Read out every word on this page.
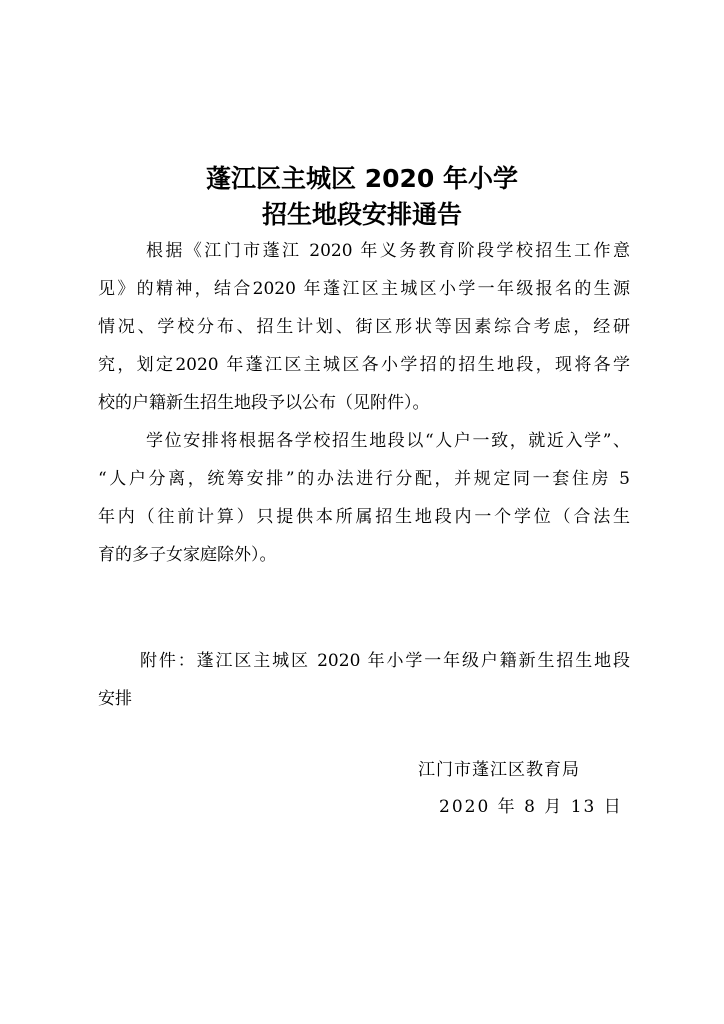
蓬江区主城区 2020 年小学
招生地段安排通告
根据《江门市蓬江 2020 年义务教育阶段学校招生工作意
见》的精神，结合2020 年蓬江区主城区小学一年级报名的生源
情况、学校分布、招生计划、街区形状等因素综合考虑，经研
究，划定2020 年蓬江区主城区各小学招的招生地段，现将各学
校的户籍新生招生地段予以公布（见附件）。
学位安排将根据各学校招生地段以“人户一致，就近入学”、
“人户分离，统筹安排”的办法进行分配，并规定同一套住房 5
年内（往前计算）只提供本所属招生地段内一个学位（合法生
育的多子女家庭除外）。
附件：蓬江区主城区 2020 年小学一年级户籍新生招生地段
安排
江门市蓬江区教育局
2020 年 8 月 13 日
